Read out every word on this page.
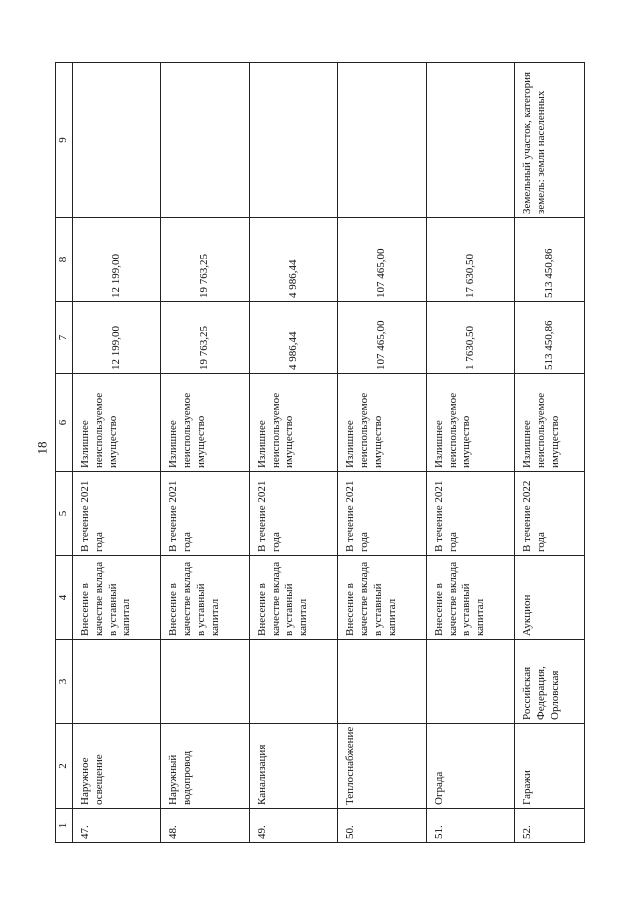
18
1	2	3	4	5	6	7	8	9
47.	Наружное освещение		Внесение в качестве вклада в уставный капитал	В течение 2021 года	Излишнее неиспользуемое имущество	12 199,00	12 199,00	
48.	Наружный водопровод		Внесение в качестве вклада в уставный капитал	В течение 2021 года	Излишнее неиспользуемое имущество	19 763,25	19 763,25	
49.	Канализация		Внесение в качестве вклада в уставный капитал	В течение 2021 года	Излишнее неиспользуемое имущество	4 986,44	4 986,44	
50.	Теплоснабжение		Внесение в качестве вклада в уставный капитал	В течение 2021 года	Излишнее неиспользуемое имущество	107 465,00	107 465,00	
51.	Ограда		Внесение в качестве вклада в уставный капитал	В течение 2021 года	Излишнее неиспользуемое имущество	1 7630,50	17 630,50	
52.	Гаражи	Российская Федерация, Орловская	Аукцион	В течение 2022 года	Излишнее неиспользуемое имущество	513 450,86	513 450,86	Земельный участок, категория земель: земли населенных
